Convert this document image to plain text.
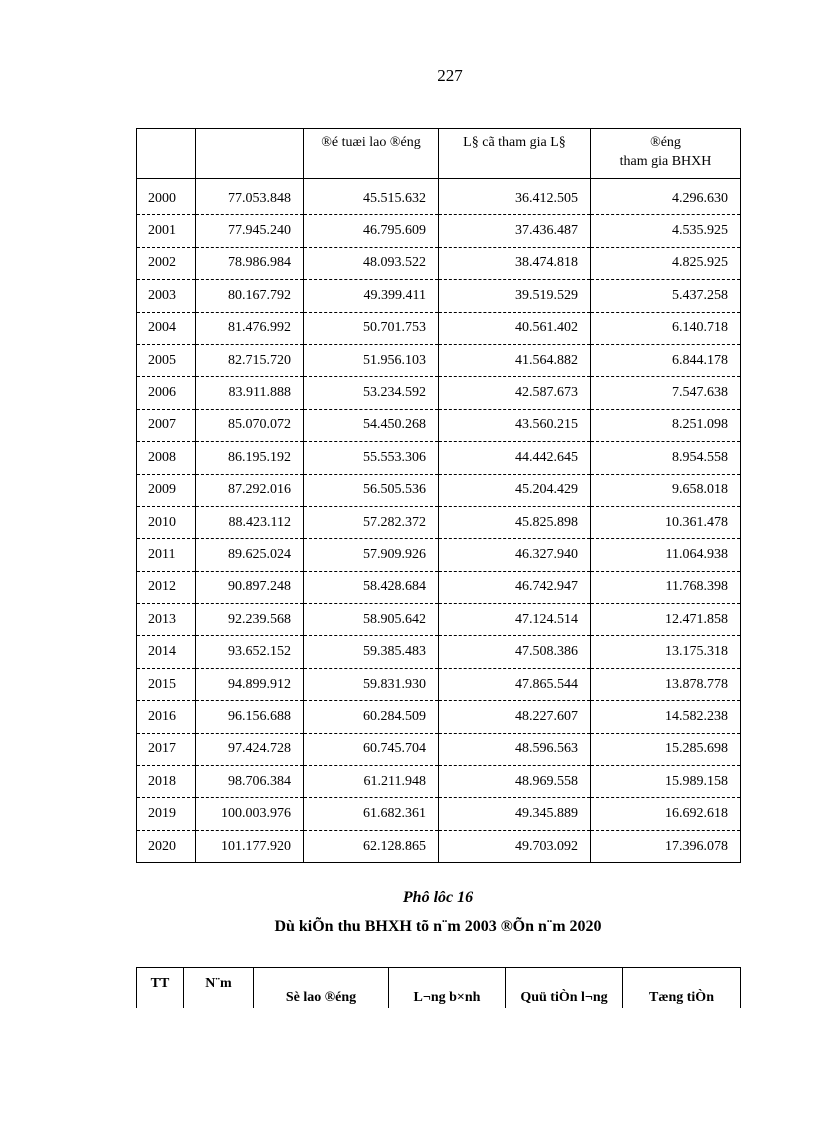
227
		®é tuæi lao ®éng	L§ cã tham gia L§	®éng
tham gia BHXH
2000	77.053.848	45.515.632	36.412.505	4.296.630
2001	77.945.240	46.795.609	37.436.487	4.535.925
2002	78.986.984	48.093.522	38.474.818	4.825.925
2003	80.167.792	49.399.411	39.519.529	5.437.258
2004	81.476.992	50.701.753	40.561.402	6.140.718
2005	82.715.720	51.956.103	41.564.882	6.844.178
2006	83.911.888	53.234.592	42.587.673	7.547.638
2007	85.070.072	54.450.268	43.560.215	8.251.098
2008	86.195.192	55.553.306	44.442.645	8.954.558
2009	87.292.016	56.505.536	45.204.429	9.658.018
2010	88.423.112	57.282.372	45.825.898	10.361.478
2011	89.625.024	57.909.926	46.327.940	11.064.938
2012	90.897.248	58.428.684	46.742.947	11.768.398
2013	92.239.568	58.905.642	47.124.514	12.471.858
2014	93.652.152	59.385.483	47.508.386	13.175.318
2015	94.899.912	59.831.930	47.865.544	13.878.778
2016	96.156.688	60.284.509	48.227.607	14.582.238
2017	97.424.728	60.745.704	48.596.563	15.285.698
2018	98.706.384	61.211.948	48.969.558	15.989.158
2019	100.003.976	61.682.361	49.345.889	16.692.618
2020	101.177.920	62.128.865	49.703.092	17.396.078
Phô lôc 16
Dù kiÕn thu BHXH tõ n¨m 2003 ®Õn n¨m 2020
TT	N¨m	Sè lao ®éng	L¬ng b×nh	Quü tiÒn l¬ng	Tæng tiÒn
